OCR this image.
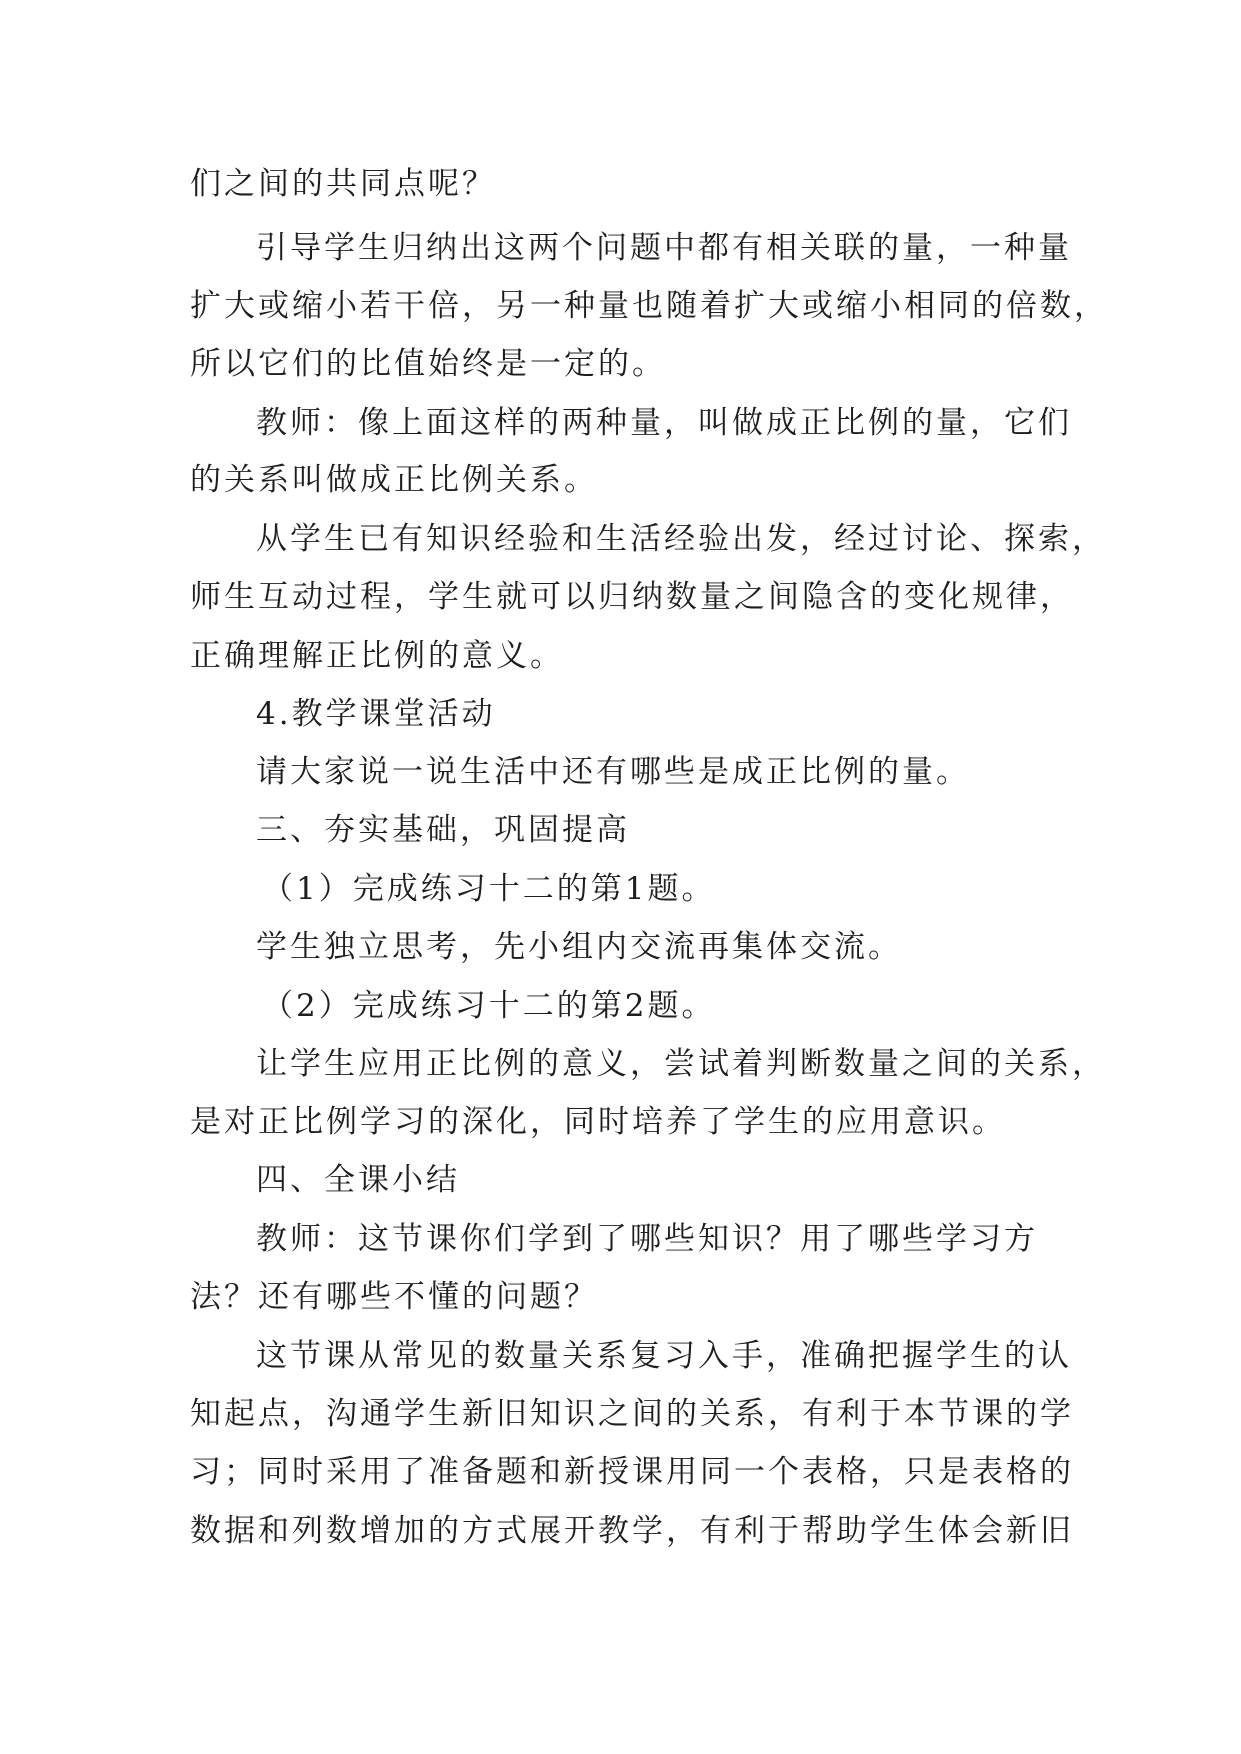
们之间的共同点呢？
引导学生归纳出这两个问题中都有相关联的量，一种量
扩大或缩小若干倍，另一种量也随着扩大或缩小相同的倍数，
所以它们的比值始终是一定的。
教师：像上面这样的两种量，叫做成正比例的量，它们
的关系叫做成正比例关系。
从学生已有知识经验和生活经验出发，经过讨论、探索，
师生互动过程，学生就可以归纳数量之间隐含的变化规律，
正确理解正比例的意义。
4.教学课堂活动
请大家说一说生活中还有哪些是成正比例的量。
三、夯实基础，巩固提高
（1）完成练习十二的第1题。
学生独立思考，先小组内交流再集体交流。
（2）完成练习十二的第2题。
让学生应用正比例的意义，尝试着判断数量之间的关系，
是对正比例学习的深化，同时培养了学生的应用意识。
四、全课小结
教师：这节课你们学到了哪些知识？用了哪些学习方
法？还有哪些不懂的问题？
这节课从常见的数量关系复习入手，准确把握学生的认
知起点，沟通学生新旧知识之间的关系，有利于本节课的学
习；同时采用了准备题和新授课用同一个表格，只是表格的
数据和列数增加的方式展开教学，有利于帮助学生体会新旧
